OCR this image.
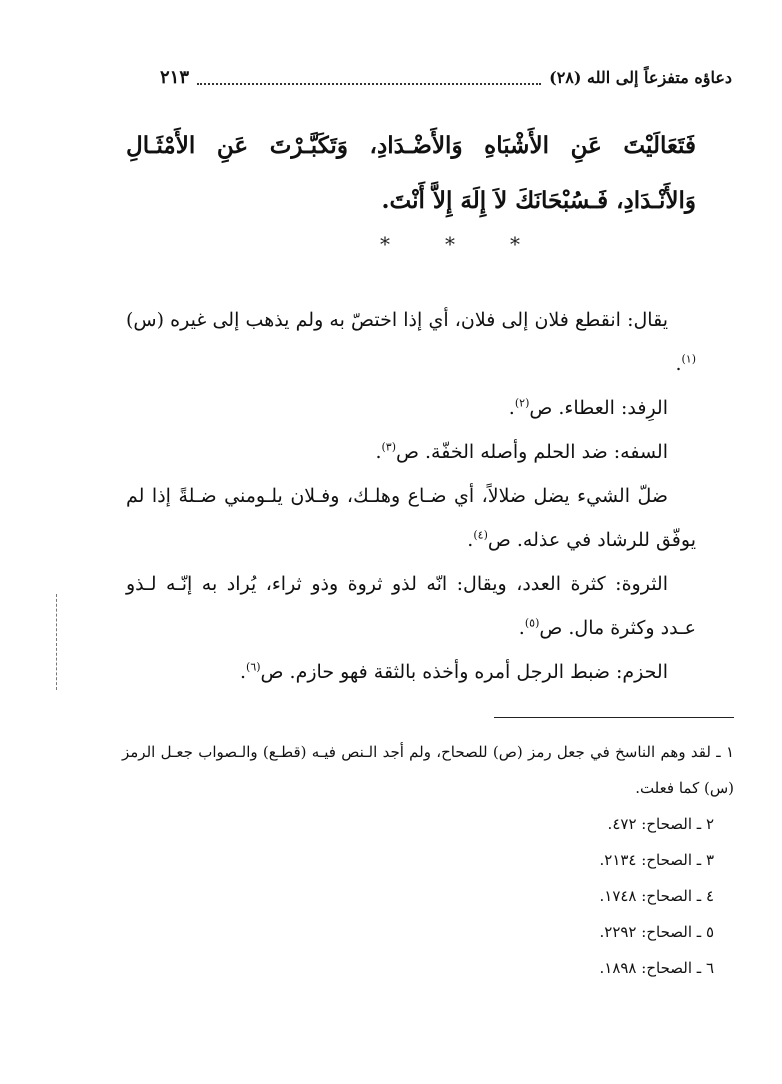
دعاؤه متفزعاً إلى الله (٢٨)
٢١٣
فَتَعَالَيْتَ عَنِ الأَشْبَاهِ وَالأَضْـدَادِ، وَتَكَبَّـرْتَ عَنِ الأَمْثَـالِ وَالأَنْـدَادِ، فَـسُبْحَانَكَ لاَ إِلَهَ إِلاَّ أَنْتَ.
*
*
*

يقال: انقطع فلان إلى فلان، أي إذا اختصّ به ولم يذهب إلى غيره (س)$^{(١)}$.

الرِفد: العطاء. ص$^{(٢)}$.

السفه: ضد الحلم وأصله الخفّة. ص$^{(٣)}$.

ضلّ الشيء يضل ضلالاً، أي ضـاع وهلـك، وفـلان يلـومني ضـلةً إذا لم يوفّق للرشاد في عذله. ص$^{(٤)}$.

الثروة: كثرة العدد، ويقال: انّه لذو ثروة وذو ثراء، يُراد به إنّـه لـذو عـدد وكثرة مال. ص$^{(٥)}$.

الحزم: ضبط الرجل أمره وأخذه بالثقة فهو حازم. ص$^{(٦)}$.

١ ـ لقد وهم الناسخ في جعل رمز (ص) للصحاح، ولم أجد الـنص فيـه (قطـع) والـصواب جعـل الرمز (س) كما فعلت.

٢ ـ الصحاح: ٤٧٢.

٣ ـ الصحاح: ٢١٣٤.

٤ ـ الصحاح: ١٧٤٨.

٥ ـ الصحاح: ٢٢٩٢.

٦ ـ الصحاح: ١٨٩٨.
